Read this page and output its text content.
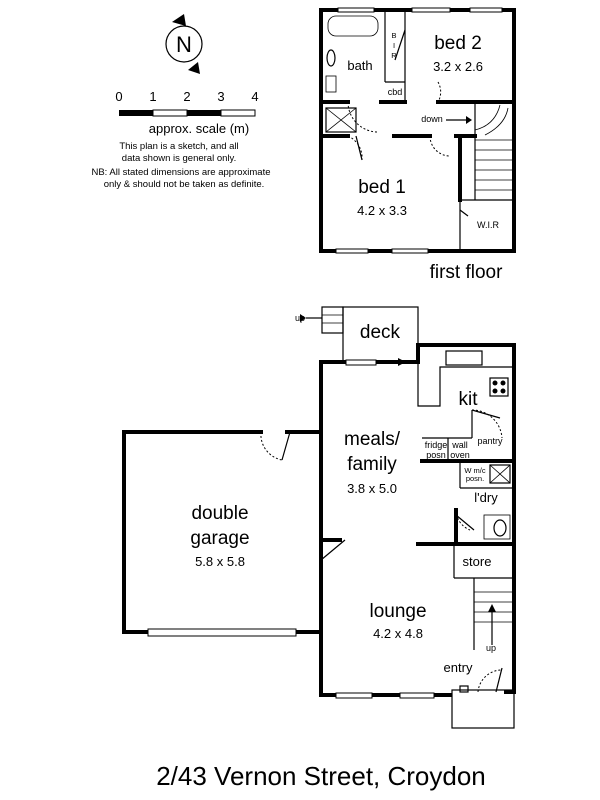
N
0 1 2 3 4
approx. scale (m)
This plan is a sketch, and all
data shown is general only.
NB: All stated dimensions are approximate
only & should not be taken as definite.
bath
B
I
R
cbd
bed 2
3.2 x 2.6
down
bed 1
4.2 x 3.3
W.I.R
first floor
up
deck
kit
pantry
fridge
posn
wall
oven
meals/
family
3.8 x 5.0
W m/c
posn.
l'dry
store
double
garage
5.8 x 5.8
lounge
4.2 x 4.8
up
entry
2/43 Vernon Street, Croydon
